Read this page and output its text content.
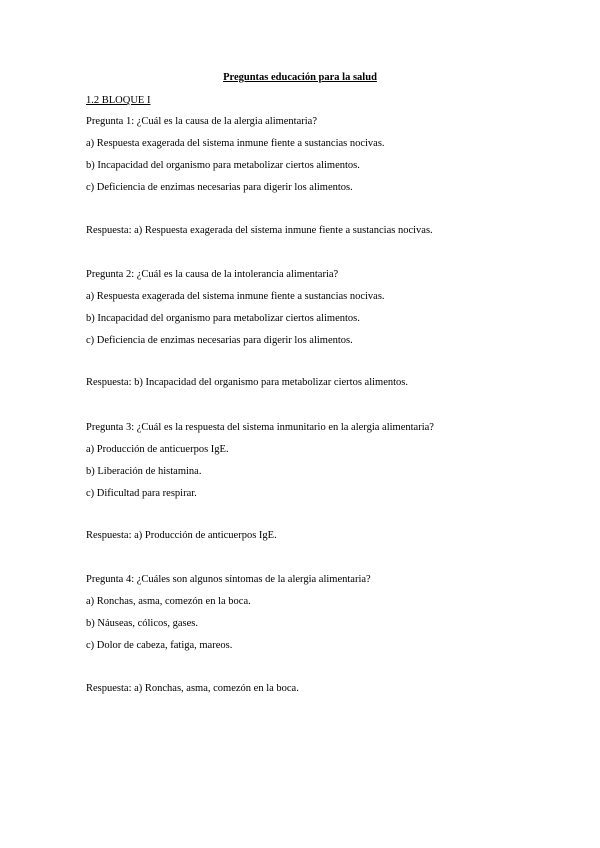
Preguntas educación para la salud
1.2 BLOQUE I
Pregunta 1: ¿Cuál es la causa de la alergia alimentaria?
a) Respuesta exagerada del sistema inmune fiente a sustancias nocivas.
b) Incapacidad del organismo para metabolizar ciertos alimentos.
c) Deficiencia de enzimas necesarias para digerir los alimentos.
Respuesta: a) Respuesta exagerada del sistema inmune fiente a sustancias nocivas.
Pregunta 2: ¿Cuál es la causa de la intolerancia alimentaria?
a) Respuesta exagerada del sistema inmune fiente a sustancias nocivas.
b) Incapacidad del organismo para metabolizar ciertos alimentos.
c) Deficiencia de enzimas necesarias para digerir los alimentos.
Respuesta: b) Incapacidad del organismo para metabolizar ciertos alimentos.
Pregunta 3: ¿Cuál es la respuesta del sistema inmunitario en la alergia alimentaria?
a) Producción de anticuerpos IgE.
b) Liberación de histamina.
c) Dificultad para respirar.
Respuesta: a) Producción de anticuerpos IgE.
Pregunta 4: ¿Cuáles son algunos síntomas de la alergia alimentaria?
a) Ronchas, asma, comezón en la boca.
b) Náuseas, cólicos, gases.
c) Dolor de cabeza, fatiga, mareos.
Respuesta: a) Ronchas, asma, comezón en la boca.
